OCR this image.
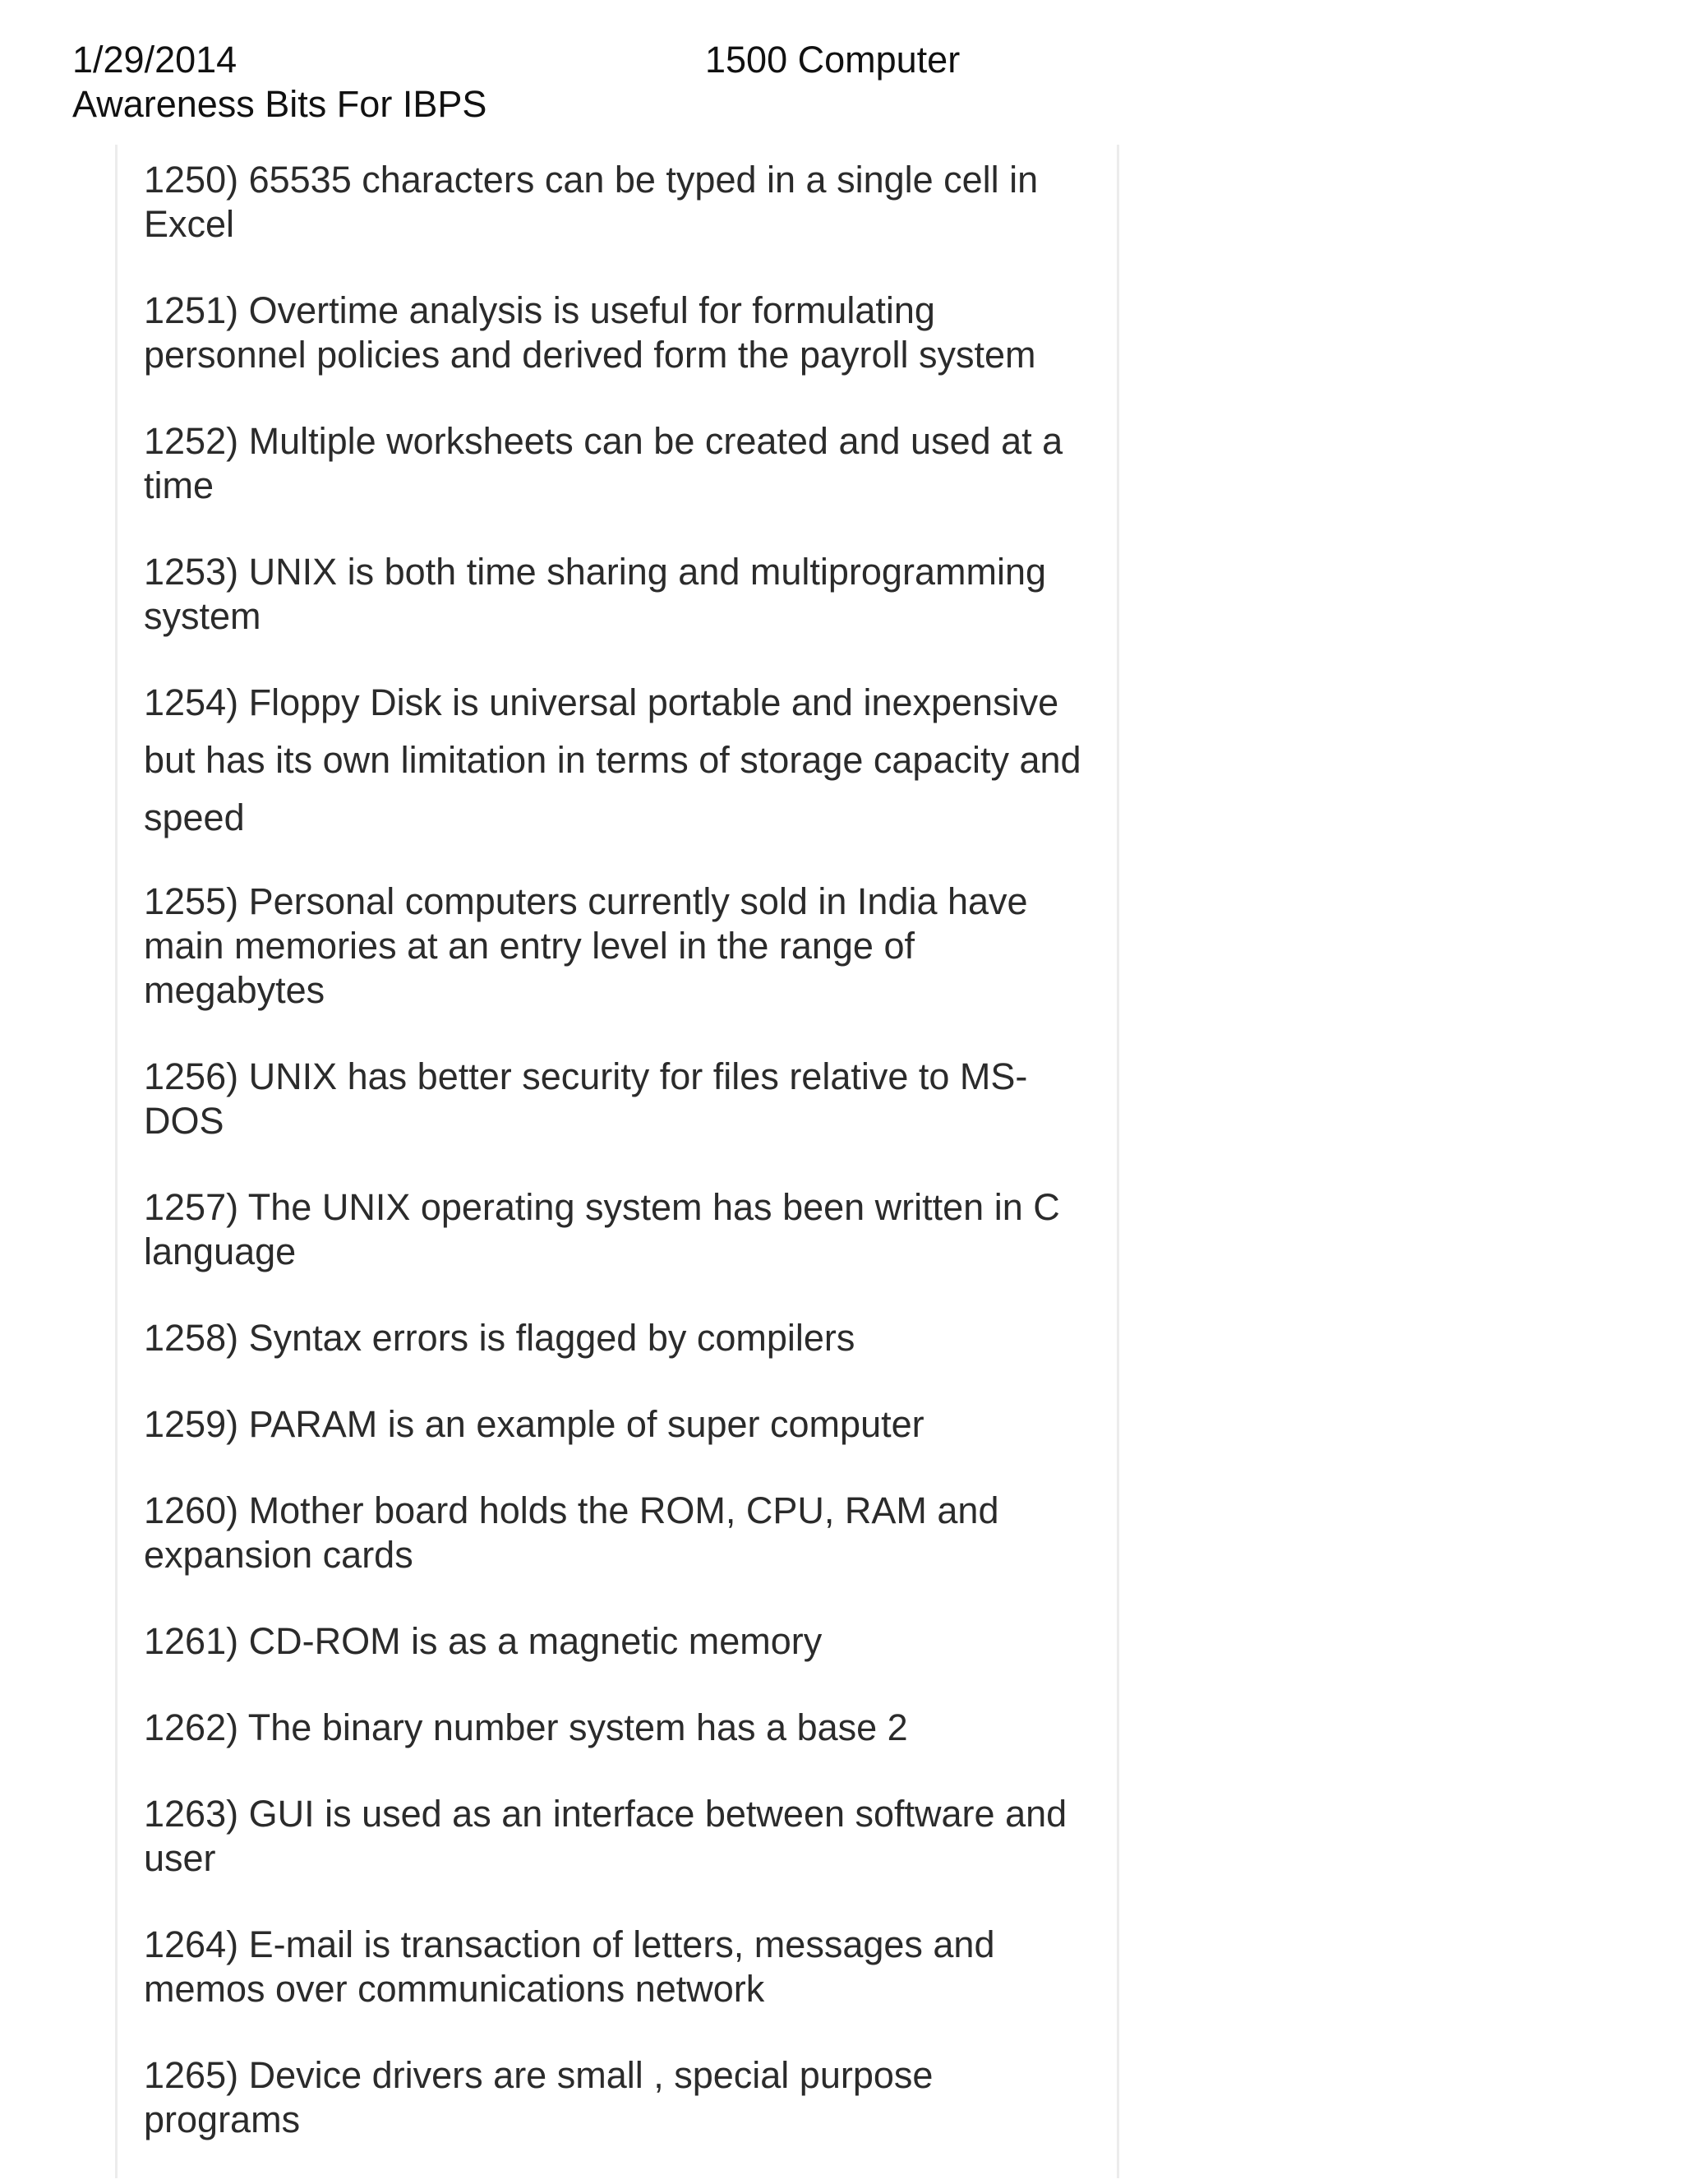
1/29/2014	1500 Computer
Awareness Bits For IBPS
1250) 65535 characters can be typed in a single cell in Excel
1251) Overtime analysis is useful for formulating personnel policies and derived form the payroll system
1252) Multiple worksheets can be created and used at a time
1253) UNIX is both time sharing and multiprogramming system
1254) Floppy Disk is universal portable and inexpensive but has its own limitation in terms of storage capacity and speed
1255) Personal computers currently sold in India have main memories at an entry level in the range of megabytes
1256) UNIX has better security for files relative to MS-DOS
1257) The UNIX operating system has been written in C language
1258) Syntax errors is flagged by compilers
1259) PARAM is an example of super computer
1260) Mother board holds the ROM, CPU, RAM and expansion cards
1261) CD-ROM is as a magnetic memory
1262) The binary number system has a base 2
1263) GUI is used as an interface between software and user
1264) E-mail is transaction of letters, messages and memos over communications network
1265) Device drivers are small , special purpose programs
